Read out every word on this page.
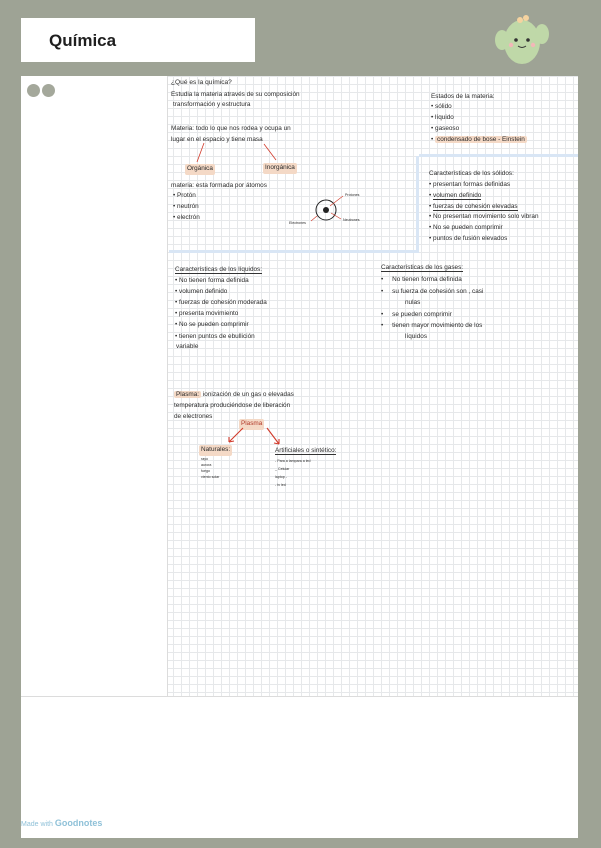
Química
¿Qué es la química?
Estudia la materia através de su composición
transformación y estructura
Materia: todo lo que nos rodea y ocupa un
lugar en el espacio y tiene masa
Orgánica	Inorgánica
materia: esta formada por átomos
• Protón
• neutrón
• electrón
Protones
Neutrones
Electrones
Estados de la materia:
• sólido
• líquido
• gaseoso
• condensado de bose - Einstein
Características de los sólidos:
• presentan formas definidas
• volumen definido
• fuerzas de cohesión elevadas
• No presentan movimiento solo vibran
• No se pueden comprimir
• puntos de fusión elevados
Características de los líquidos:
• No tienen forma definida
• volumen definido
• fuerzas de cohesión moderada
• presenta movimiento
• No se pueden comprimir
• tienen puntos de ebullición
variable
Características de los gases:
•     No tienen forma definida
•     su fuerza de cohesión son , casi
nulas
•     se pueden comprimir
•     tienen mayor movimiento de los
líquidos
Plasma: ionización de un gas o elevadas
temperatura produciéndose de liberación
de electrones
Plasma
Naturales:
rayo
aurora
fuego
viento solar
Artificiales o sintético:
- Para a lampara a led
_ Celular
laptop -
- tv led
Made with Goodnotes
